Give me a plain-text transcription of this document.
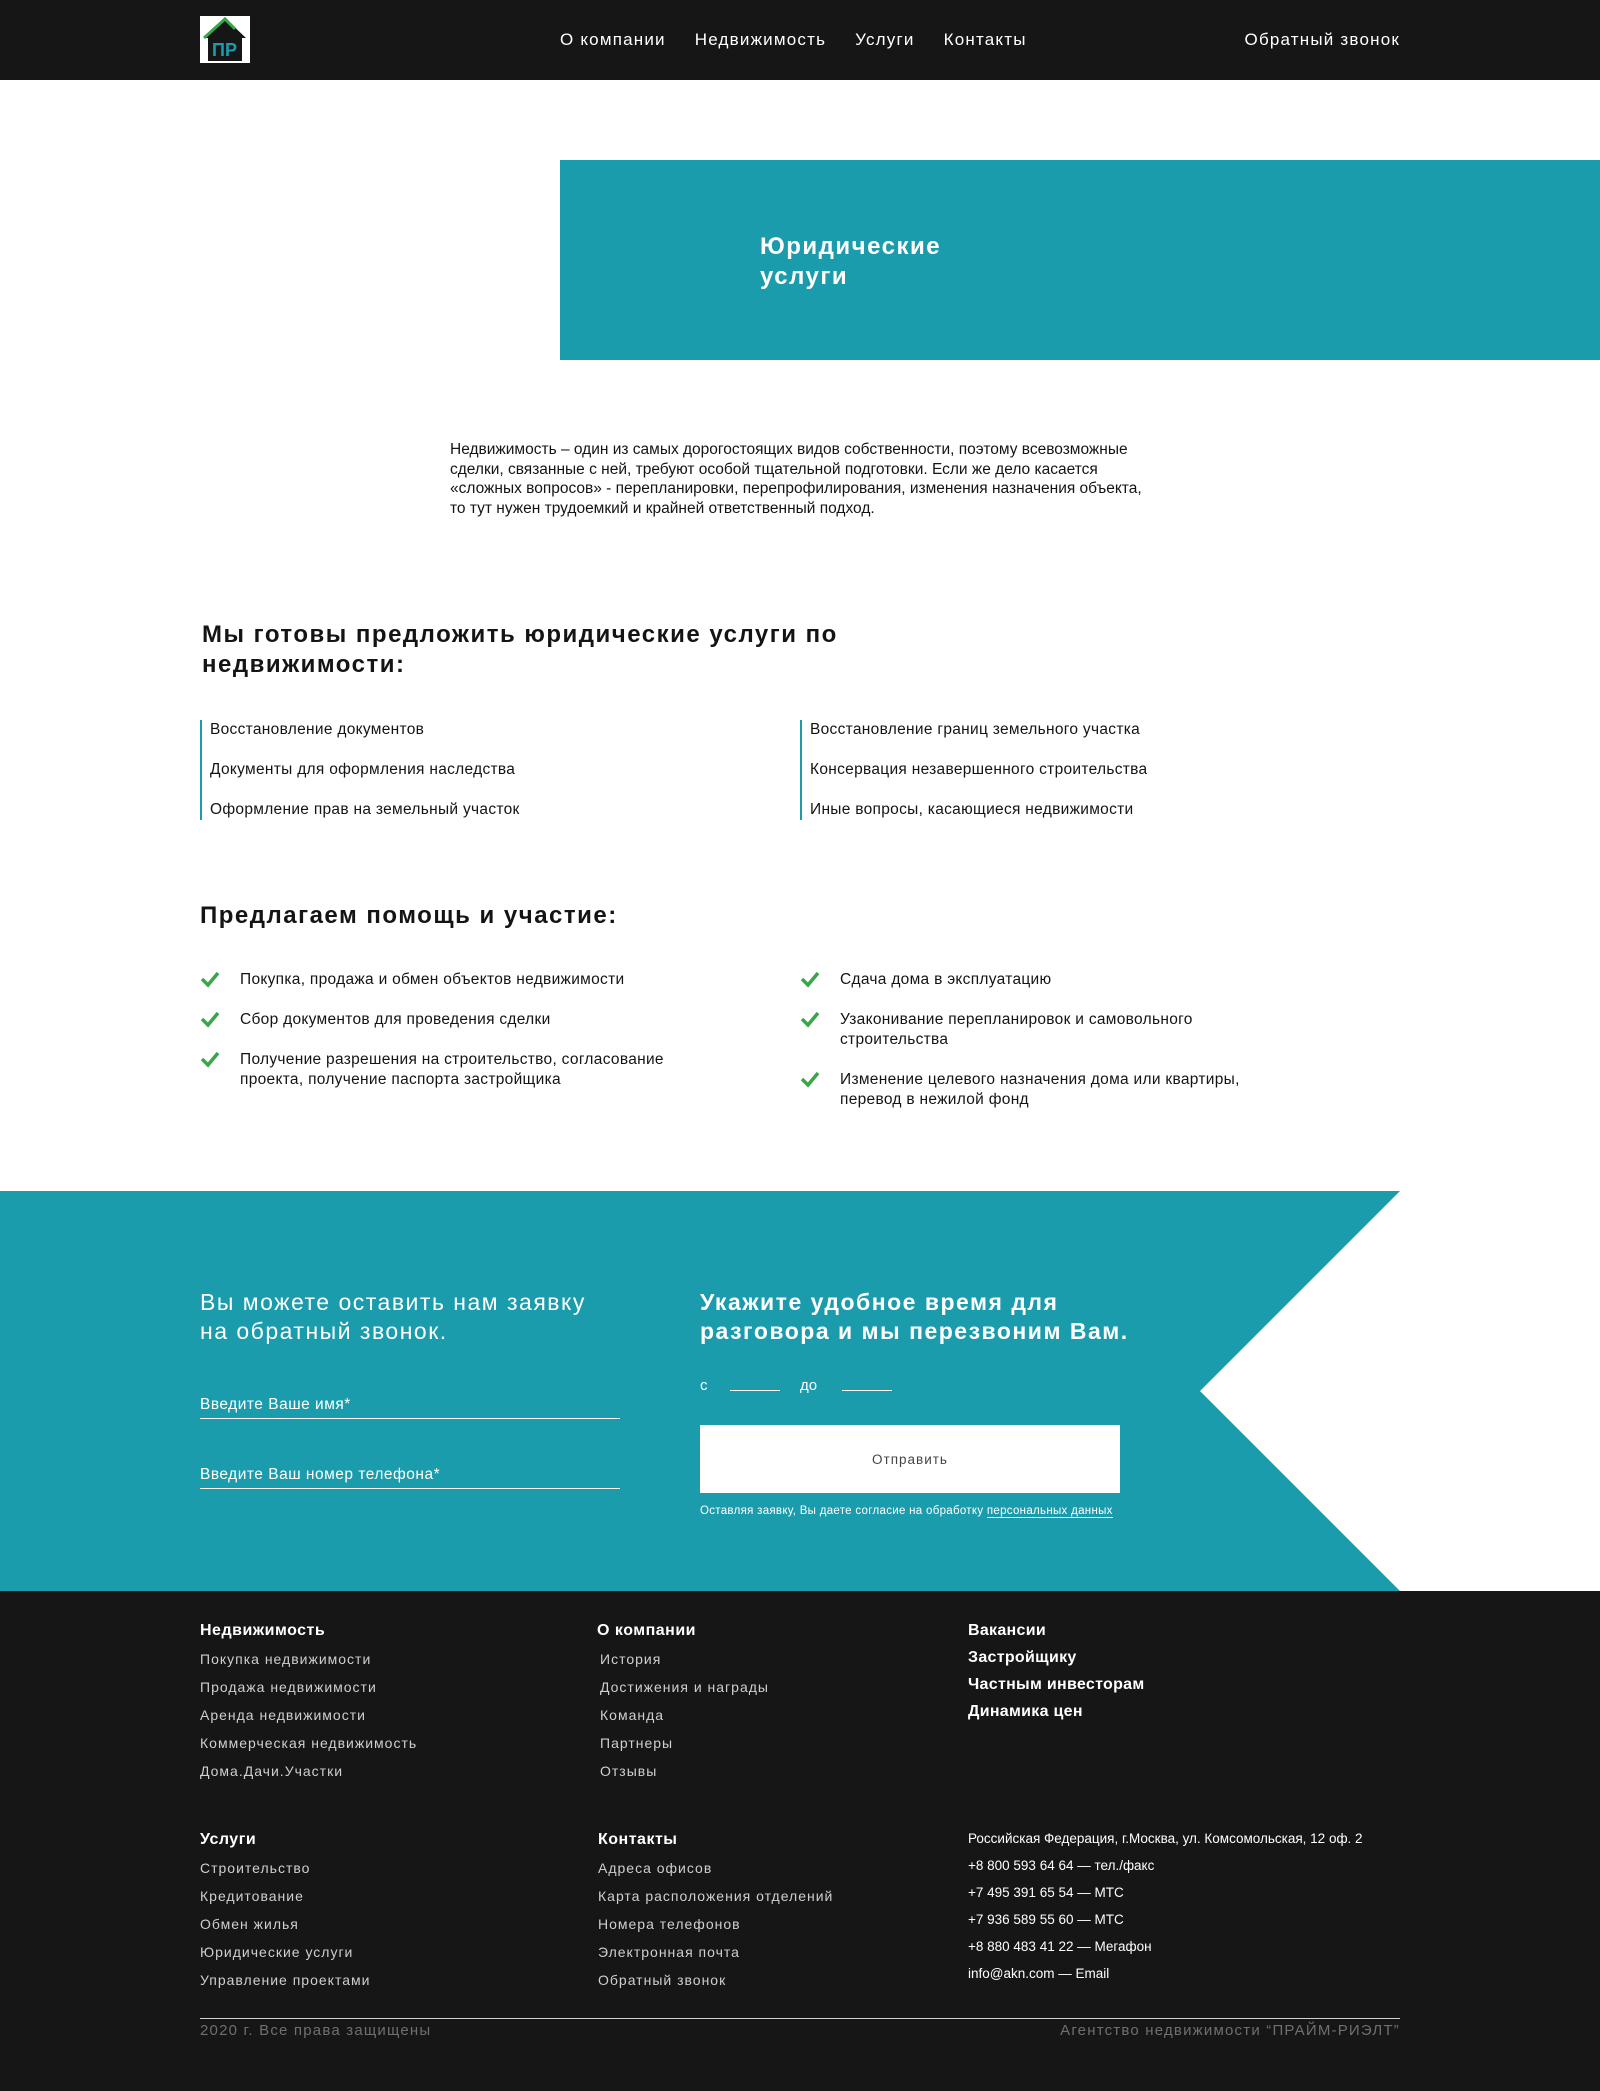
ПР
О компании Недвижимость Услуги Контакты	Обратный звонок
Юридические услуги

Недвижимость – один из самых дорогостоящих видов собственности, поэтому всевозможные сделки, связанные с ней, требуют особой тщательной подготовки. Если же дело касается «сложных вопросов» - перепланировки, перепрофилирования, изменения назначения объекта, то тут нужен трудоемкий и крайней ответственный подход.

Мы готовы предложить юридические услуги по недвижимости:
Восстановление документов
Документы для оформления наследства
Оформление прав на земельный участок
Восстановление границ земельного участка
Консервация незавершенного строительства
Иные вопросы, касающиеся недвижимости
Предлагаем помощь и участие:
Покупка, продажа и обмен объектов недвижимости
Сбор документов для проведения сделки
Получение разрешения на строительство, согласование проекта, получение паспорта застройщика
Сдача дома в эксплуатацию
Узаконивание перепланировок и самовольного строительства
Изменение целевого назначения дома или квартиры, перевод в нежилой фонд
Вы можете оставить нам заявку на обратный звонок.
Укажите удобное время для разговора и мы перезвоним Вам.
Введите Ваше имя*
Введите Ваш номер телефона*
с	до
Отправить
Оставляя заявку, Вы даете согласие на обработку персональных данных
Недвижимость
Покупка недвижимости
Продажа недвижимости
Аренда недвижимости
Коммерческая недвижимость
Дома.Дачи.Участки
О компании
История
Достижения и награды
Команда
Партнеры
Отзывы
Вакансии
Застройщику
Частным инвесторам
Динамика цен
Услуги
Строительство
Кредитование
Обмен жилья
Юридические услуги
Управление проектами
Контакты
Адреса офисов
Карта расположения отделений
Номера телефонов
Электронная почта
Обратный звонок
Российская Федерация, г.Москва, ул. Комсомольская, 12 оф. 2
+8 800 593 64 64 — тел./факс
+7 495 391 65 54 — МТС
+7 936 589 55 60 — МТС
+8 880 483 41 22 — Мегафон
info@akn.com — Email
2020 г. Все права защищены	Агентство недвижимости “ПРАЙМ-РИЭЛТ”
